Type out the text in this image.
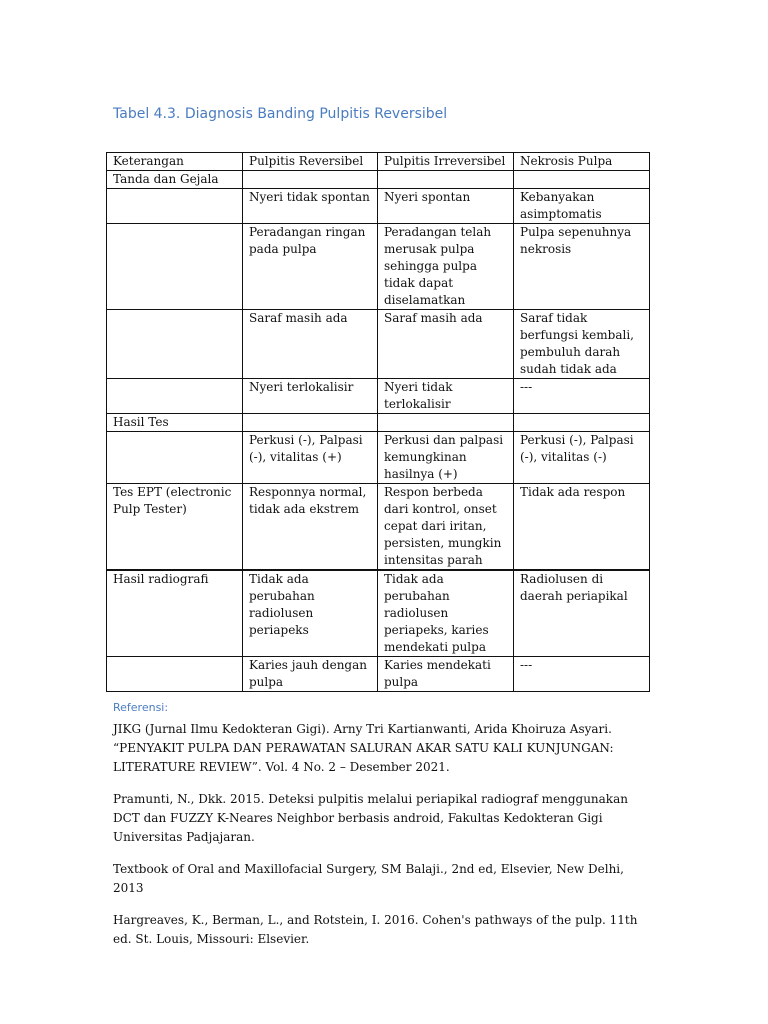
Tabel 4.3. Diagnosis Banding Pulpitis Reversibel
Keterangan	Pulpitis Reversibel	Pulpitis Irreversibel	Nekrosis Pulpa
Tanda dan Gejala			
	Nyeri tidak spontan	Nyeri spontan	Kebanyakan asimptomatis
	Peradangan ringan pada pulpa	Peradangan telah merusak pulpa sehingga pulpa tidak dapat diselamatkan	Pulpa sepenuhnya nekrosis
	Saraf masih ada	Saraf masih ada	Saraf tidak berfungsi kembali, pembuluh darah sudah tidak ada
	Nyeri terlokalisir	Nyeri tidak terlokalisir	---
Hasil Tes			
	Perkusi (-), Palpasi (-), vitalitas (+)	Perkusi dan palpasi kemungkinan hasilnya (+)	Perkusi (-), Palpasi (-), vitalitas (-)
Tes EPT (electronic Pulp Tester)	Responnya normal, tidak ada ekstrem	Respon berbeda dari kontrol, onset cepat dari iritan, persisten, mungkin intensitas parah	Tidak ada respon
Hasil radiografi	Tidak ada perubahan radiolusen periapeks	Tidak ada perubahan radiolusen periapeks, karies mendekati pulpa	Radiolusen di daerah periapikal
	Karies jauh dengan pulpa	Karies mendekati pulpa	---
Referensi:

JIKG (Jurnal Ilmu Kedokteran Gigi). Arny Tri Kartianwanti, Arida Khoiruza Asyari. “PENYAKIT PULPA DAN PERAWATAN SALURAN AKAR SATU KALI KUNJUNGAN: LITERATURE REVIEW”. Vol. 4 No. 2 – Desember 2021.

Pramunti, N., Dkk. 2015. Deteksi pulpitis melalui periapikal radiograf menggunakan DCT dan FUZZY K-Neares Neighbor berbasis android, Fakultas Kedokteran Gigi Universitas Padjajaran.

Textbook of Oral and Maxillofacial Surgery, SM Balaji., 2nd ed, Elsevier, New Delhi, 2013

Hargreaves, K., Berman, L., and Rotstein, I. 2016. Cohen's pathways of the pulp. 11th ed. St. Louis, Missouri: Elsevier.
